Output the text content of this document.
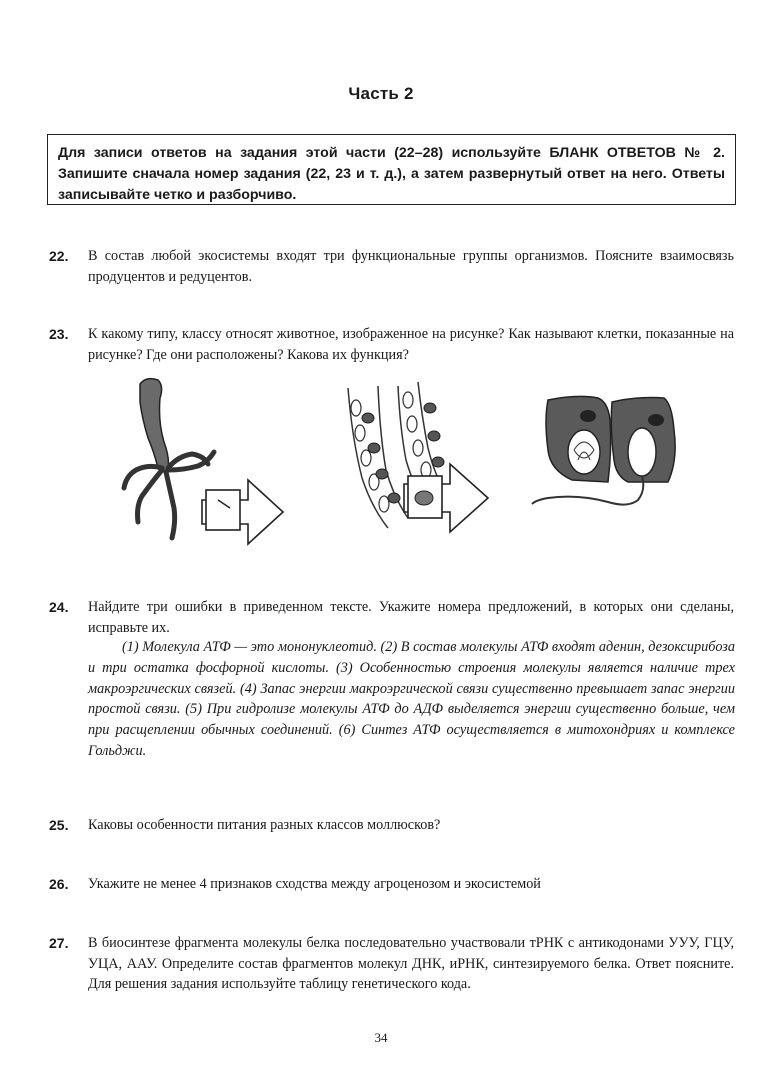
Часть 2
Для записи ответов на задания этой части (22–28) используйте БЛАНК ОТВЕТОВ № 2. Запишите сначала номер задания (22, 23 и т. д.), а затем развернутый ответ на него. Ответы записывайте четко и разборчиво.
22. В состав любой экосистемы входят три функциональные группы организмов. Поясните взаимосвязь продуцентов и редуцентов.
23. К какому типу, классу относят животное, изображенное на рисунке? Как называют клетки, показанные на рисунке? Где они расположены? Какова их функция?
24. Найдите три ошибки в приведенном тексте. Укажите номера предложений, в которых они сделаны, исправьте их.
(1) Молекула АТФ — это мононуклеотид. (2) В состав молекулы АТФ входят аденин, дезоксирибоза и три остатка фосфорной кислоты. (3) Особенностью строения молекулы является наличие трех макроэргических связей. (4) Запас энергии макроэргической связи существенно превышает запас энергии простой связи. (5) При гидролизе молекулы АТФ до АДФ выделяется энергии существенно больше, чем при расщеплении обычных соединений. (6) Синтез АТФ осуществляется в митохондриях и комплексе Гольджи.
25. Каковы особенности питания разных классов моллюсков?
26. Укажите не менее 4 признаков сходства между агроценозом и экосистемой
27. В биосинтезе фрагмента молекулы белка последовательно участвовали тРНК с антикодонами УУУ, ГЦУ, УЦА, ААУ. Определите состав фрагментов молекул ДНК, иРНК, синтезируемого белка. Ответ поясните. Для решения задания используйте таблицу генетического кода.
34
